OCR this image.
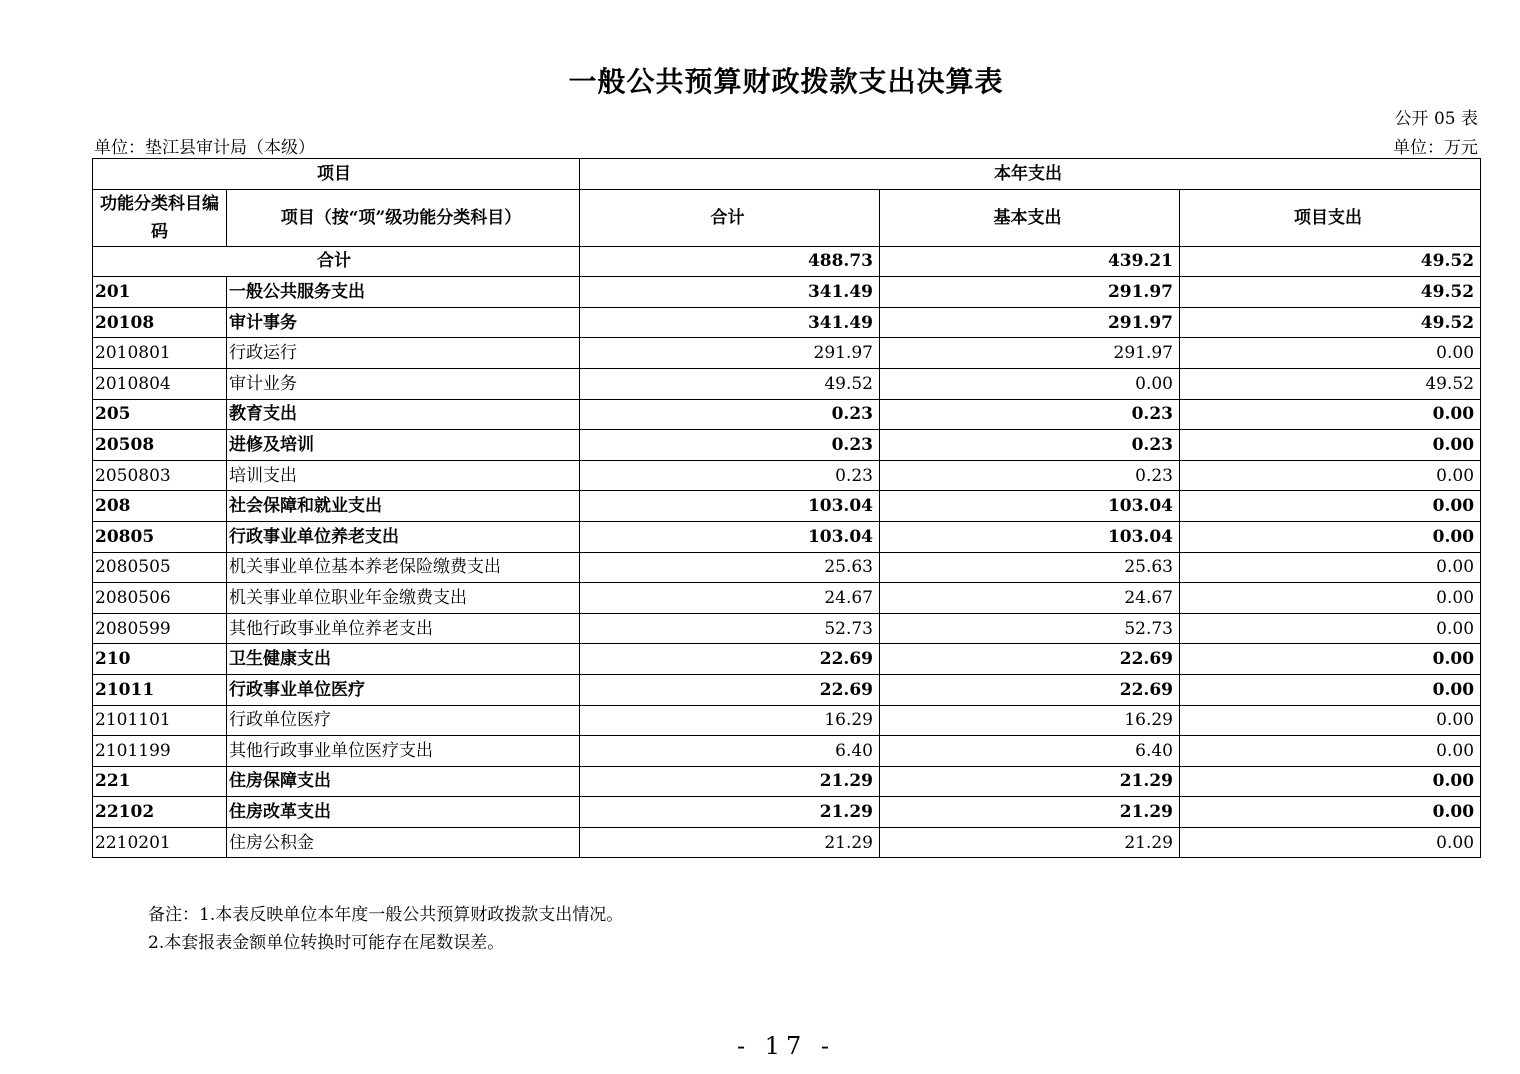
一般公共预算财政拨款支出决算表
公开 05 表
单位：垫江县审计局（本级）	单位：万元
项目		本年支出		
功能分类科目编码	项目（按“项”级功能分类科目）	合计	基本支出	项目支出
合计		488.73	439.21	49.52
201	一般公共服务支出	341.49	291.97	49.52
20108	审计事务	341.49	291.97	49.52
2010801	行政运行	291.97	291.97	0.00
2010804	审计业务	49.52	0.00	49.52
205	教育支出	0.23	0.23	0.00
20508	进修及培训	0.23	0.23	0.00
2050803	培训支出	0.23	0.23	0.00
208	社会保障和就业支出	103.04	103.04	0.00
20805	行政事业单位养老支出	103.04	103.04	0.00
2080505	机关事业单位基本养老保险缴费支出	25.63	25.63	0.00
2080506	机关事业单位职业年金缴费支出	24.67	24.67	0.00
2080599	其他行政事业单位养老支出	52.73	52.73	0.00
210	卫生健康支出	22.69	22.69	0.00
21011	行政事业单位医疗	22.69	22.69	0.00
2101101	行政单位医疗	16.29	16.29	0.00
2101199	其他行政事业单位医疗支出	6.40	6.40	0.00
221	住房保障支出	21.29	21.29	0.00
22102	住房改革支出	21.29	21.29	0.00
2210201	住房公积金	21.29	21.29	0.00
备注：1.本表反映单位本年度一般公共预算财政拨款支出情况。
2.本套报表金额单位转换时可能存在尾数误差。
- 17 -
